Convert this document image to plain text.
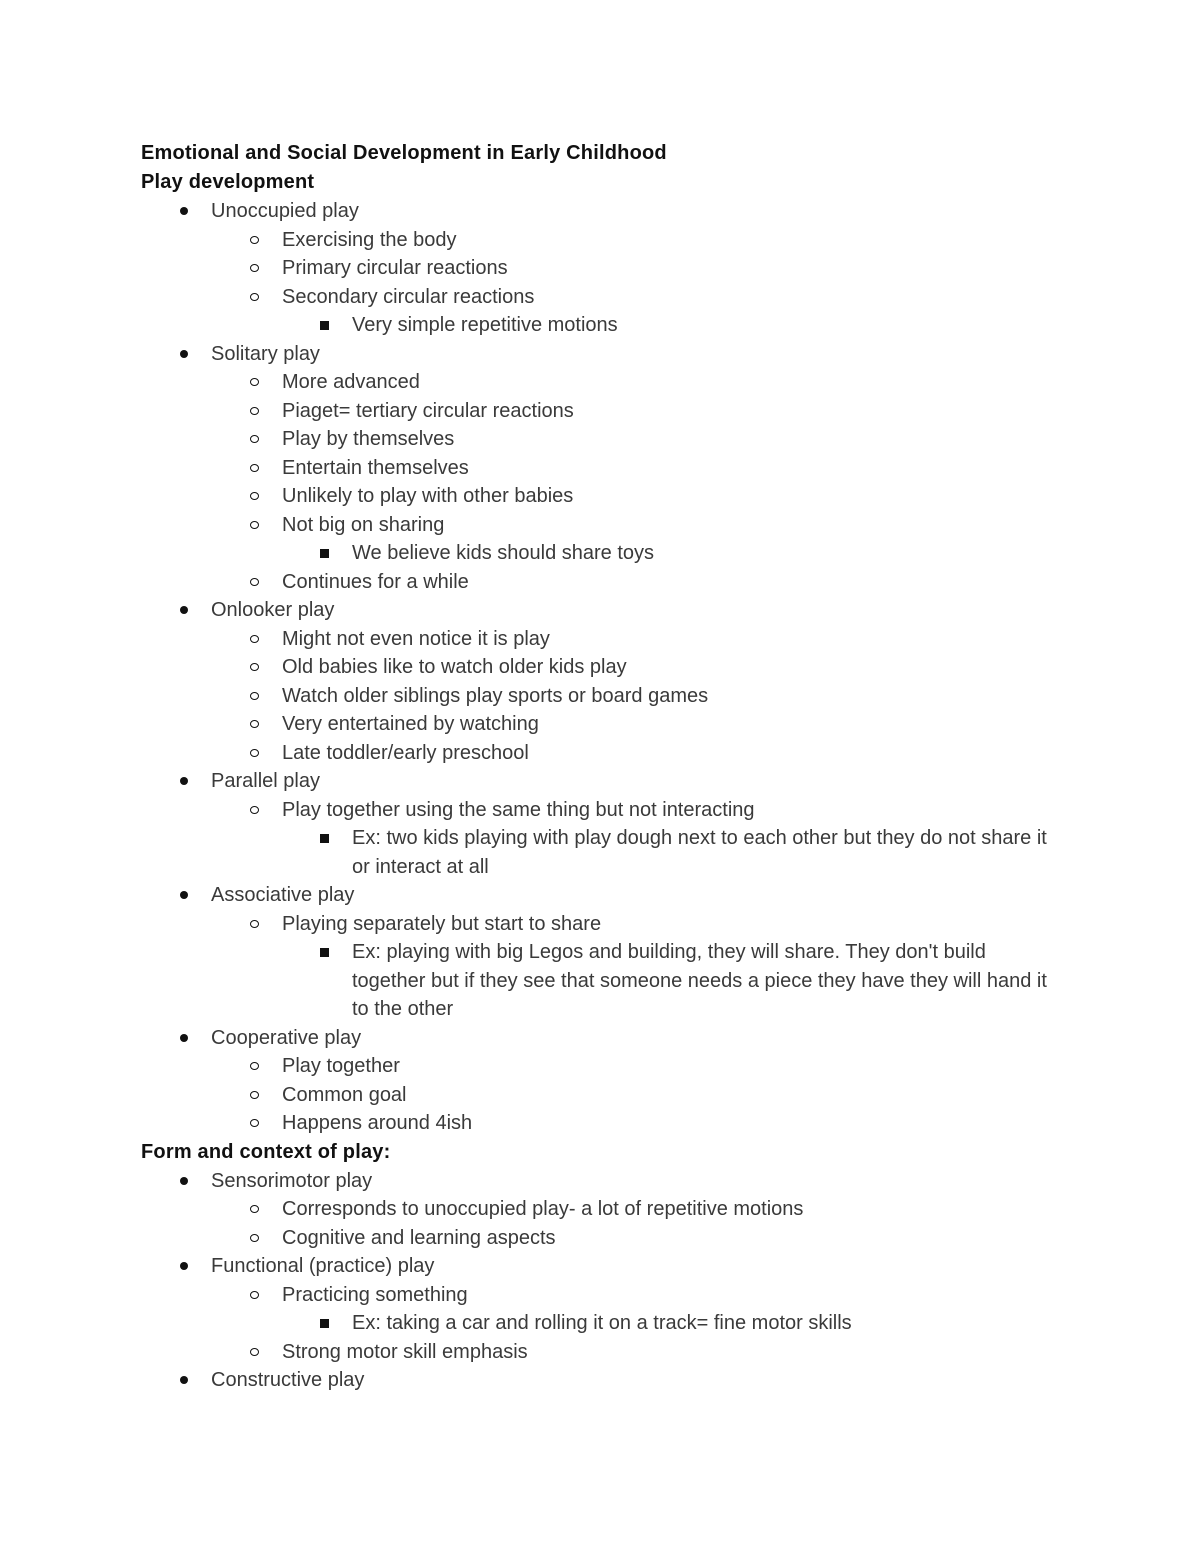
Emotional and Social Development in Early Childhood
Play development
Unoccupied play
Exercising the body
Primary circular reactions
Secondary circular reactions
Very simple repetitive motions
Solitary play
More advanced
Piaget= tertiary circular reactions
Play by themselves
Entertain themselves
Unlikely to play with other babies
Not big on sharing
We believe kids should share toys
Continues for a while
Onlooker play
Might not even notice it is play
Old babies like to watch older kids play
Watch older siblings play sports or board games
Very entertained by watching
Late toddler/early preschool
Parallel play
Play together using the same thing but not interacting
Ex: two kids playing with play dough next to each other but they do not share it or interact at all
Associative play
Playing separately but start to share
Ex: playing with big Legos and building, they will share. They don't build together but if they see that someone needs a piece they have they will hand it to the other
Cooperative play
Play together
Common goal
Happens around 4ish
Form and context of play:
Sensorimotor play
Corresponds to unoccupied play- a lot of repetitive motions
Cognitive and learning aspects
Functional (practice) play
Practicing something
Ex: taking a car and rolling it on a track= fine motor skills
Strong motor skill emphasis
Constructive play
